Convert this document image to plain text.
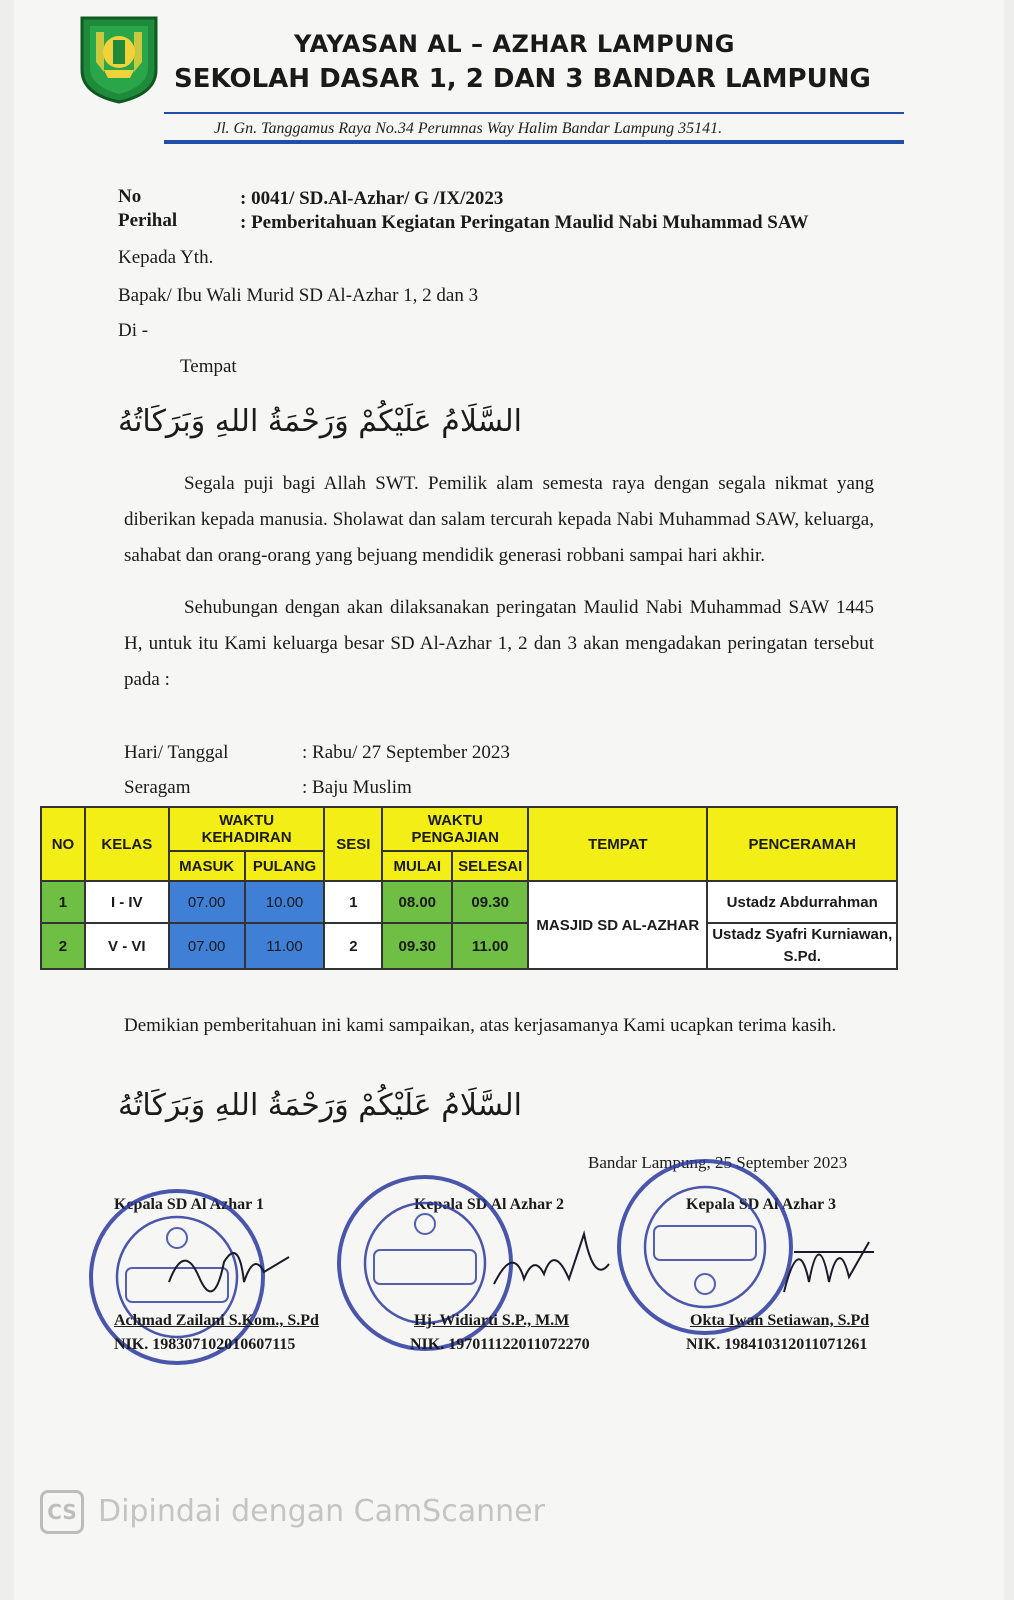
YAYASAN AL – AZHAR LAMPUNG
SEKOLAH DASAR 1, 2 DAN 3 BANDAR LAMPUNG
Jl. Gn. Tanggamus Raya No.34 Perumnas Way Halim Bandar Lampung 35141.
No	: 0041/ SD.Al-Azhar/ G /IX/2023
Perihal	: Pemberitahuan Kegiatan Peringatan Maulid Nabi Muhammad SAW
Kepada Yth.
Bapak/ Ibu Wali Murid SD Al-Azhar 1, 2 dan 3
Di -
Tempat
السَّلَامُ عَلَيْكُمْ وَرَحْمَةُ اللهِ وَبَرَكَاتُهُ
Segala puji bagi Allah SWT. Pemilik alam semesta raya dengan segala nikmat yang diberikan kepada manusia. Sholawat dan salam tercurah kepada Nabi Muhammad SAW, keluarga, sahabat dan orang-orang yang bejuang mendidik generasi robbani sampai hari akhir.
Sehubungan dengan akan dilaksanakan peringatan Maulid Nabi Muhammad SAW 1445 H, untuk itu Kami keluarga besar SD Al-Azhar 1, 2 dan 3 akan mengadakan peringatan tersebut pada :
Hari/ Tanggal	: Rabu/ 27 September 2023
Seragam	: Baju Muslim
NO	KELAS	WAKTU KEHADIRAN		SESI	WAKTU PENGAJIAN		TEMPAT	PENCERAMAH
		MASUK	PULANG		MULAI	SELESAI		
1	I - IV	07.00	10.00	1	08.00	09.30	MASJID SD AL-AZHAR	Ustadz Abdurrahman
2	V - VI	07.00	11.00	2	09.30	11.00		Ustadz Syafri Kurniawan, S.Pd.
Demikian pemberitahuan ini kami sampaikan, atas kerjasamanya Kami ucapkan terima kasih.
السَّلَامُ عَلَيْكُمْ وَرَحْمَةُ اللهِ وَبَرَكَاتُهُ
Bandar Lampung, 25 September 2023
Kepala SD Al Azhar 1
Achmad Zailani S.Kom., S.Pd
NIK. 198307102010607115
Kepala SD Al Azhar 2
Hj. Widiarti S.P., M.M
NIK. 197011122011072270
Kepala SD Al Azhar 3
Okta Iwan Setiawan, S.Pd
NIK. 198410312011071261
CS Dipindai dengan CamScanner
